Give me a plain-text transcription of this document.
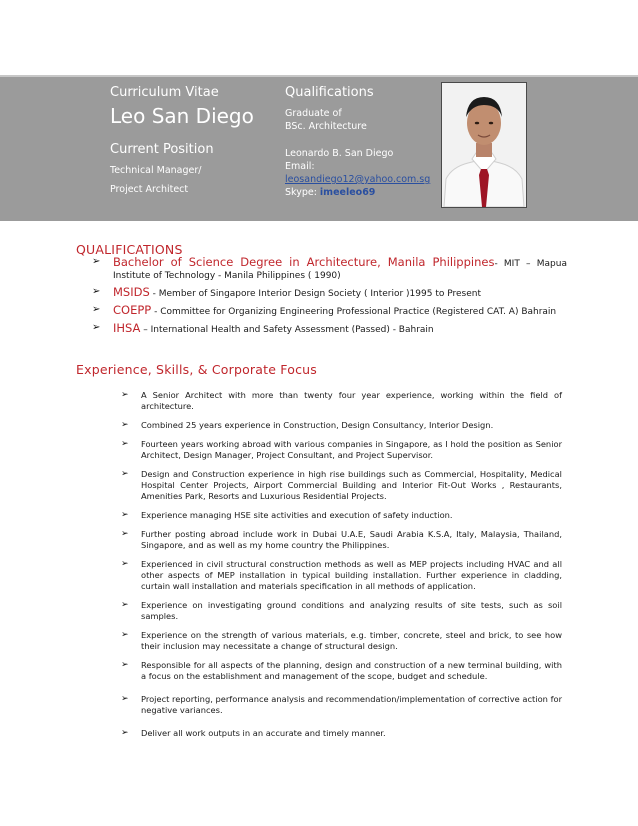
Curriculum Vitae
Leo San Diego
Current Position
Technical Manager/
Project Architect
Qualifications
Graduate of
BSc. Architecture
Leonardo B. San Diego
Email:
leosandiego12@yahoo.com.sg
Skype: imeeleo69
QUALIFICATIONS
➢ Bachelor of Science Degree in Architecture, Manila Philippines- MIT – Mapua Institute of Technology - Manila Philippines ( 1990)
➢ MSIDS - Member of Singapore Interior Design Society ( Interior )1995 to Present
➢ COEPP - Committee for Organizing Engineering Professional Practice (Registered CAT. A) Bahrain
➢ IHSA – International Health and Safety Assessment (Passed) - Bahrain
Experience, Skills, & Corporate Focus
➢ A Senior Architect with more than twenty four year experience, working within the field of architecture.
➢ Combined 25 years experience in Construction, Design Consultancy, Interior Design.
➢ Fourteen years working abroad with various companies in Singapore, as I hold the position as Senior Architect, Design Manager, Project Consultant, and Project Supervisor.
➢ Design and Construction experience in high rise buildings such as Commercial, Hospitality, Medical Hospital Center Projects, Airport Commercial Building and Interior Fit-Out Works , Restaurants, Amenities Park, Resorts and Luxurious Residential Projects.
➢ Experience managing HSE site activities and execution of safety induction.
➢ Further posting abroad include work in Dubai U.A.E, Saudi Arabia K.S.A, Italy, Malaysia, Thailand, Singapore, and as well as my home country the Philippines.
➢ Experienced in civil structural construction methods as well as MEP projects including HVAC and all other aspects of MEP installation in typical building installation. Further experience in cladding, curtain wall installation and materials specification in all methods of application.
➢ Experience on investigating ground conditions and analyzing results of site tests, such as soil samples.
➢ Experience on the strength of various materials, e.g. timber, concrete, steel and brick, to see how their inclusion may necessitate a change of structural design.
➢ Responsible for all aspects of the planning, design and construction of a new terminal building, with a focus on the establishment and management of the scope, budget and schedule.
➢ Project reporting, performance analysis and recommendation/implementation of corrective action for negative variances.
➢ Deliver all work outputs in an accurate and timely manner.
